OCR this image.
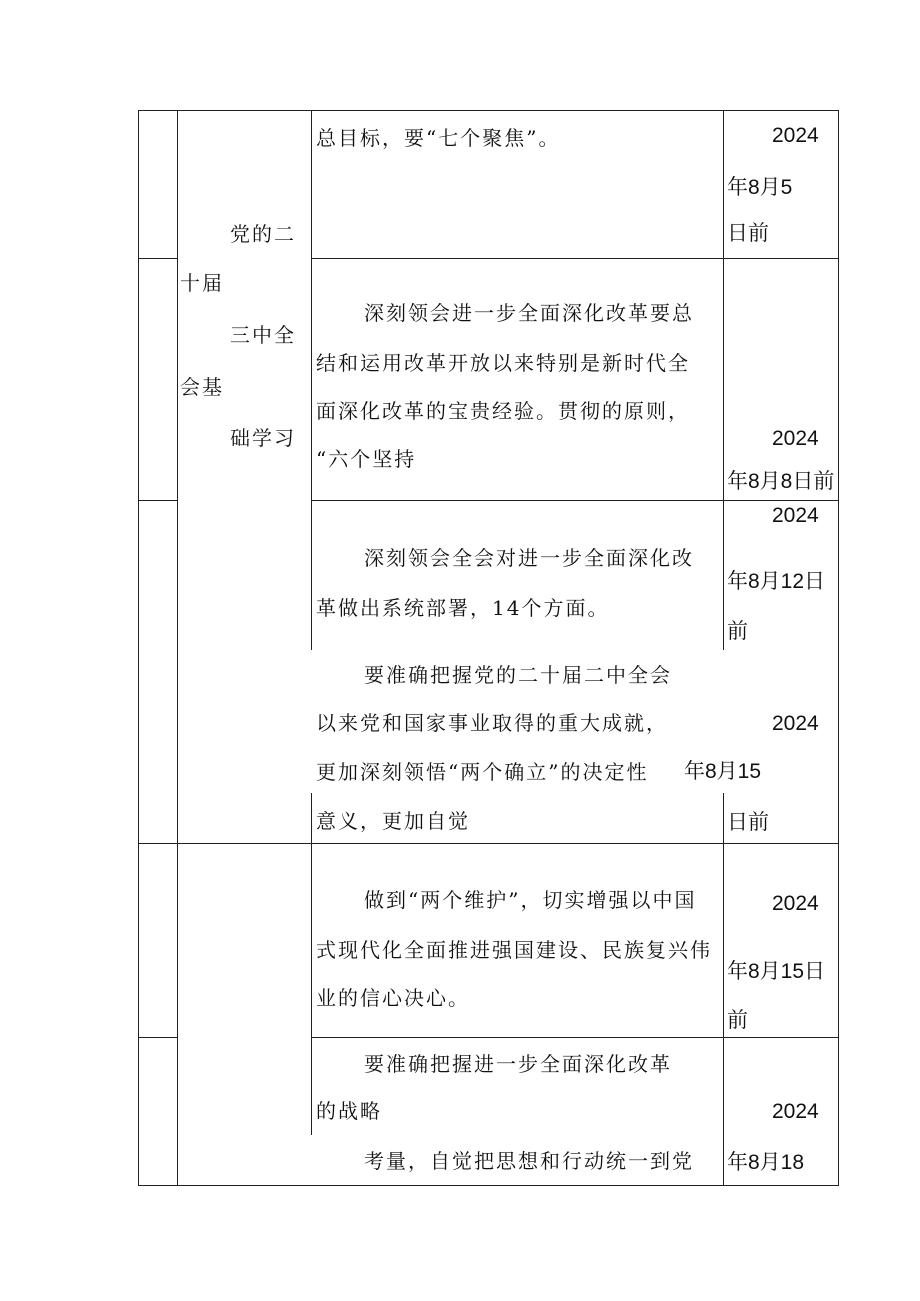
党的二
十届
三中全
会基
础学习
总目标，要“七个聚焦”。	2024
年8月5
日前
深刻领会进一步全面深化改革要总
结和运用改革开放以来特别是新时代全
面深化改革的宝贵经验。贯彻的原则，
“六个坚持
2024
年8月8日前
深刻领会全会对进一步全面深化改
革做出系统部署，14个方面。
2024
年8月12日
前
要准确把握党的二十届二中全会
以来党和国家事业取得的重大成就，
更加深刻领悟“两个确立”的决定性
意义，更加自觉
2024
年8月15
日前
做到“两个维护”，切实增强以中国
式现代化全面推进强国建设、民族复兴伟
业的信心决心。
2024
年8月15日
前
要准确把握进一步全面深化改革
的战略
考量，自觉把思想和行动统一到党
2024
年8月18
